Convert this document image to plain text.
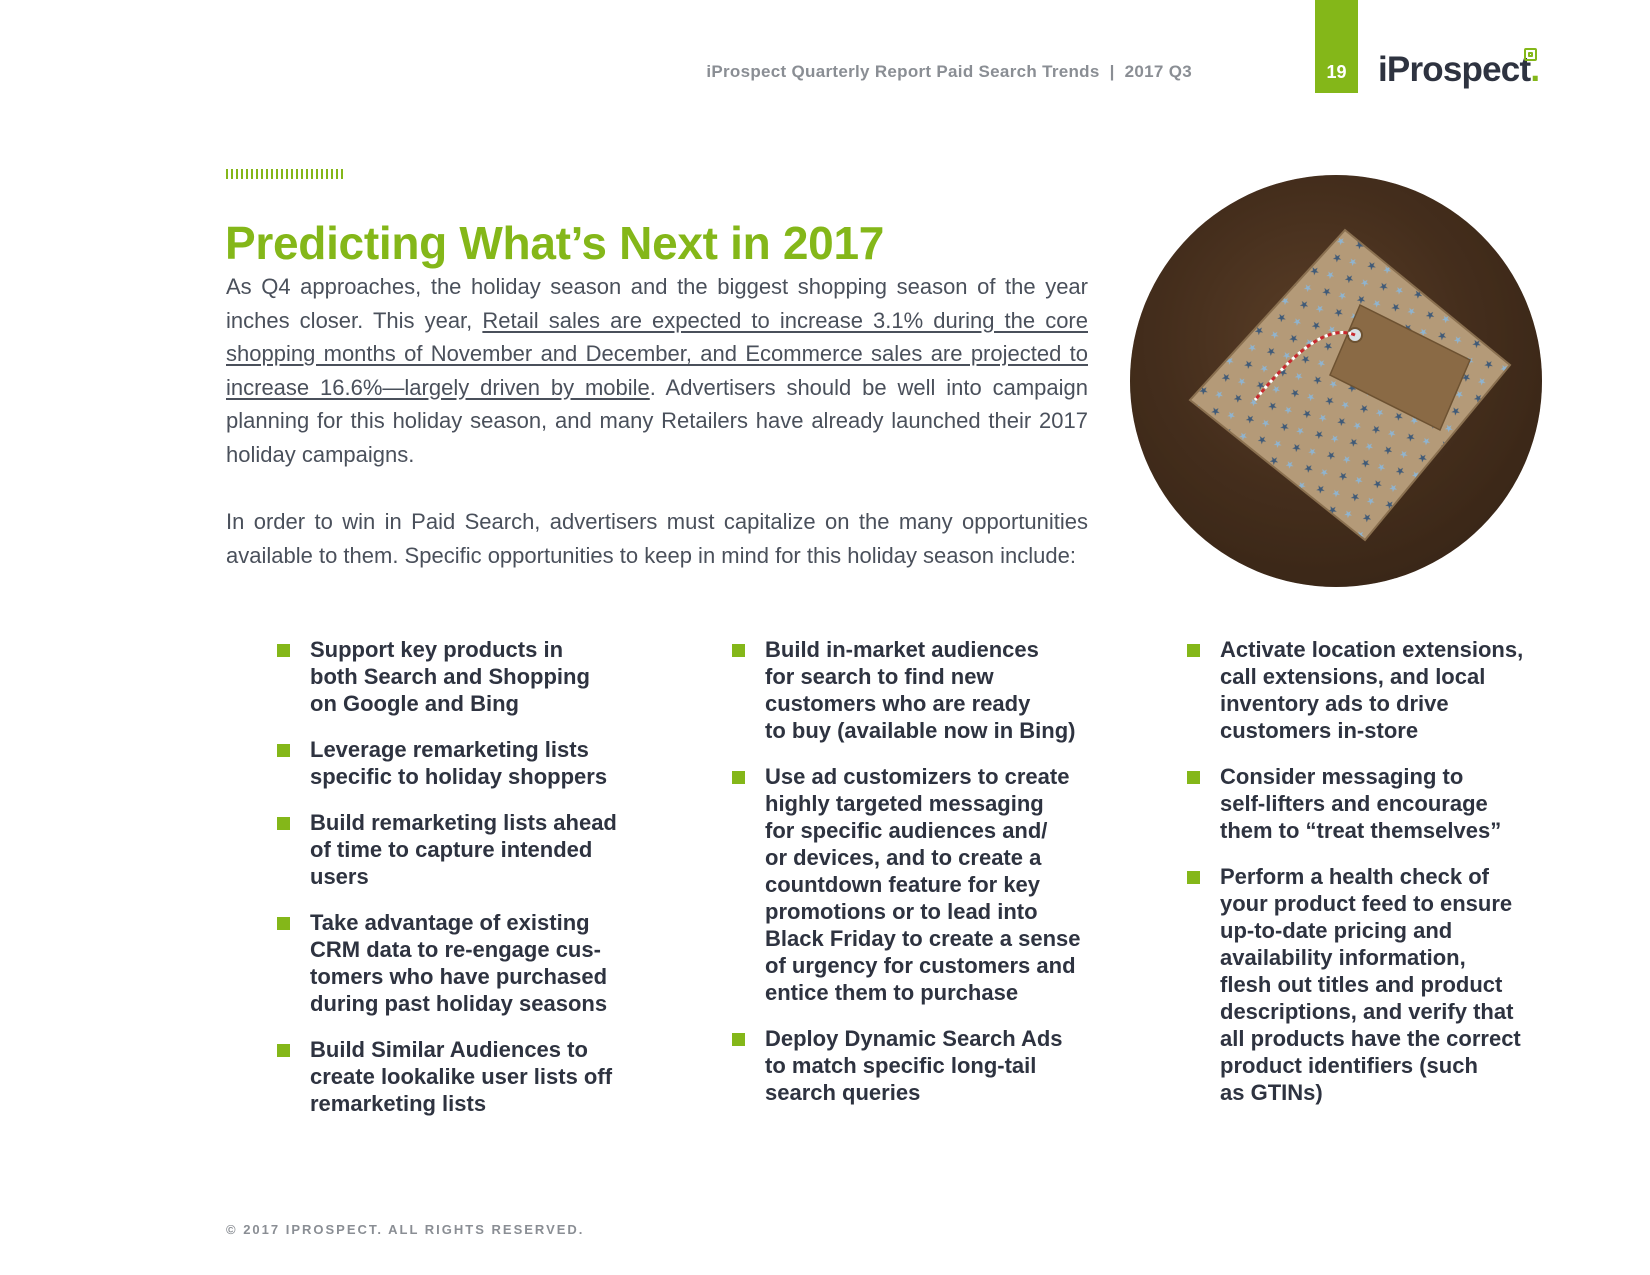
iProspect Quarterly Report Paid Search Trends | 2017 Q3	19 iProspect.
Predicting What’s Next in 2017

As Q4 approaches, the holiday season and the biggest shopping season of the year inches closer. This year, Retail sales are expected to increase 3.1% during the core shopping months of November and December, and Ecommerce sales are projected to increase 16.6%—largely driven by mobile. Advertisers should be well into campaign planning for this holiday season, and many Retailers have already launched their 2017 holiday campaigns.

In order to win in Paid Search, advertisers must capitalize on the many opportunities available to them. Specific opportunities to keep in mind for this holiday season include:

Support key products in
both Search and Shopping
on Google and Bing
Leverage remarketing lists
specific to holiday shoppers
Build remarketing lists ahead
of time to capture intended
users
Take advantage of existing
CRM data to re-engage cus-
tomers who have purchased
during past holiday seasons
Build Similar Audiences to
create lookalike user lists off
remarketing lists
Build in-market audiences
for search to find new
customers who are ready
to buy (available now in Bing)
Use ad customizers to create
highly targeted messaging
for specific audiences and/
or devices, and to create a
countdown feature for key
promotions or to lead into
Black Friday to create a sense
of urgency for customers and
entice them to purchase
Deploy Dynamic Search Ads
to match specific long-tail
search queries
Activate location extensions,
call extensions, and local
inventory ads to drive
customers in-store
Consider messaging to
self-lifters and encourage
them to “treat themselves”
Perform a health check of
your product feed to ensure
up-to-date pricing and
availability information,
flesh out titles and product
descriptions, and verify that
all products have the correct
product identifiers (such
as GTINs)
© 2017 IPROSPECT. ALL RIGHTS RESERVED.
